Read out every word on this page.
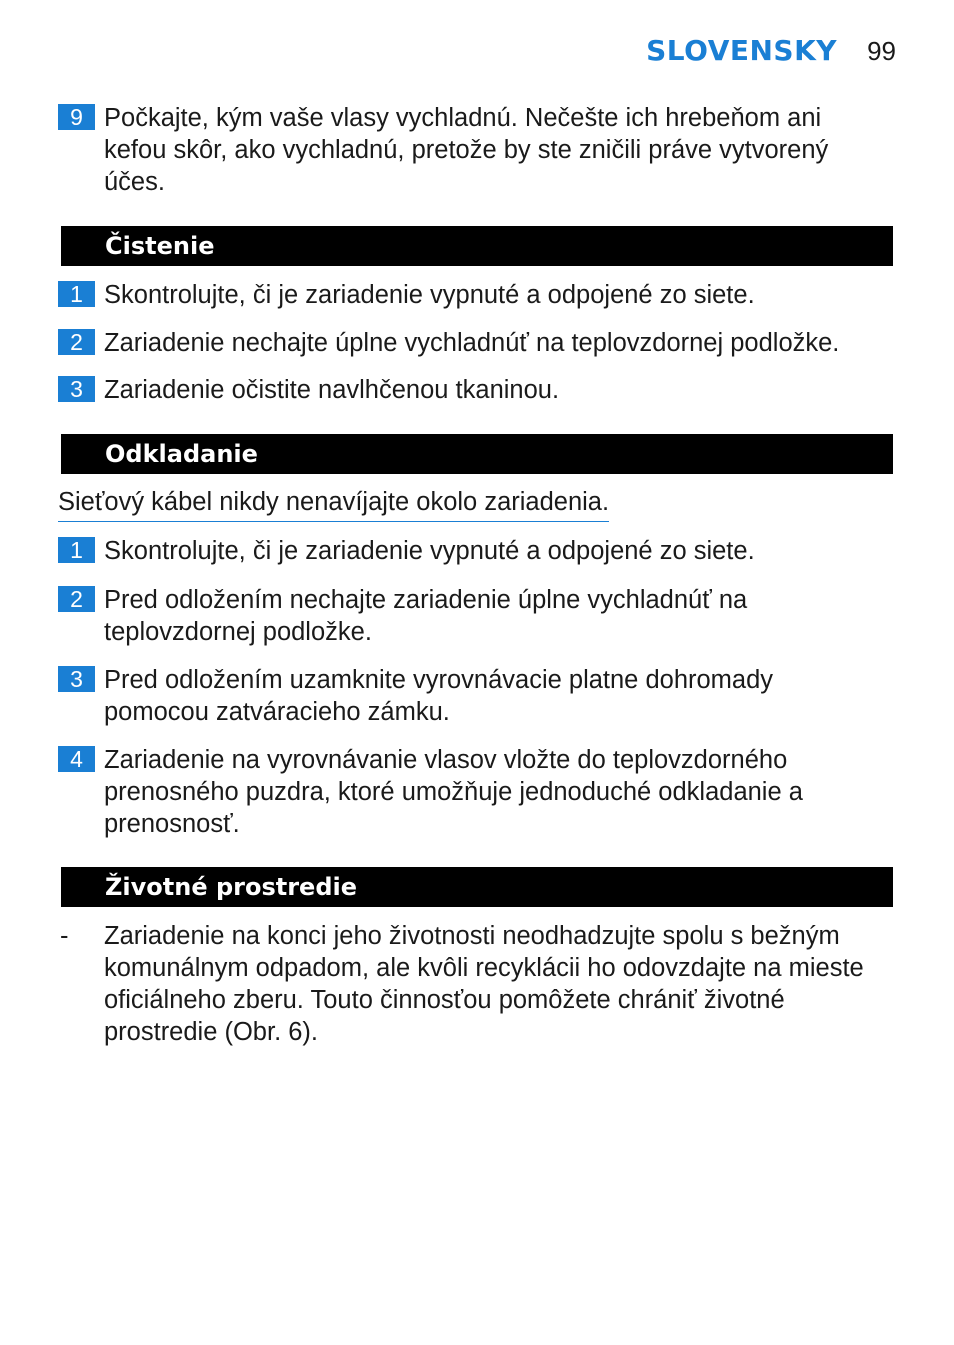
SLOVENSKY 99
9 Počkajte, kým vaše vlasy vychladnú. Nečešte ich hrebeňom ani kefou skôr, ako vychladnú, pretože by ste zničili práve vytvorený účes.
Čistenie
1 Skontrolujte, či je zariadenie vypnuté a odpojené zo siete.
2 Zariadenie nechajte úplne vychladnúť na teplovzdornej podložke.
3 Zariadenie očistite navlhčenou tkaninou.
Odkladanie
Sieťový kábel nikdy nenavíjajte okolo zariadenia.
1 Skontrolujte, či je zariadenie vypnuté a odpojené zo siete.
2 Pred odložením nechajte zariadenie úplne vychladnúť na teplovzdornej podložke.
3 Pred odložením uzamknite vyrovnávacie platne dohromady pomocou zatváracieho zámku.
4 Zariadenie na vyrovnávanie vlasov vložte do teplovzdorného prenosného puzdra, ktoré umožňuje jednoduché odkladanie a prenosnosť.
Životné prostredie
- Zariadenie na konci jeho životnosti neodhadzujte spolu s bežným komunálnym odpadom, ale kvôli recyklácii ho odovzdajte na mieste oficiálneho zberu. Touto činnosťou pomôžete chrániť životné prostredie (Obr. 6).
